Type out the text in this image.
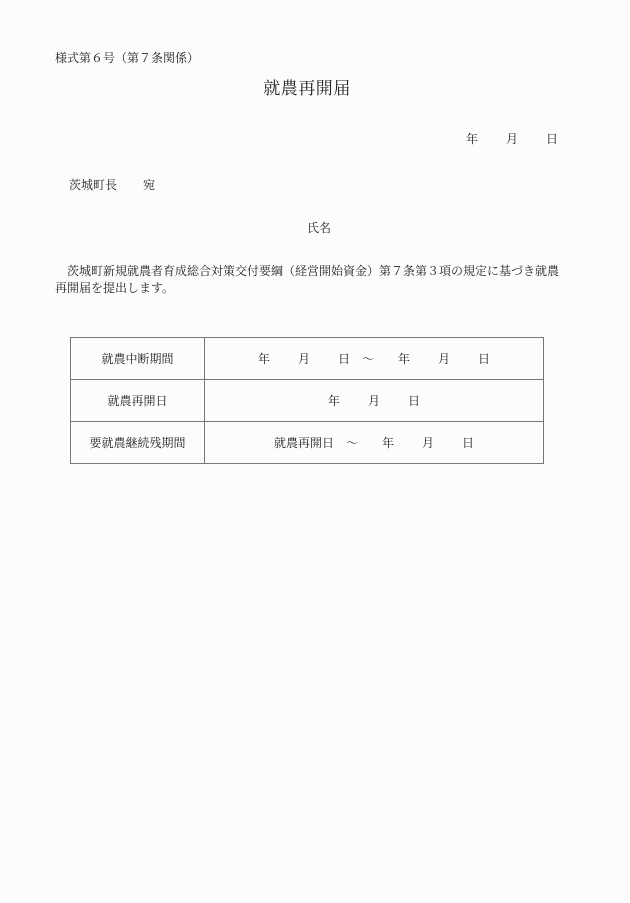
様式第６号（第７条関係）
就農再開届
年 月 日
茨城町長 宛
氏名
茨城町新規就農者育成総合対策交付要綱（経営開始資金）第７条第３項の規定に基づき就農再開届を提出します。
就農中断期間	年 月 日 ～ 年 月 日
就農再開日	年 月 日
要就農継続残期間	就農再開日 ～ 年 月 日
